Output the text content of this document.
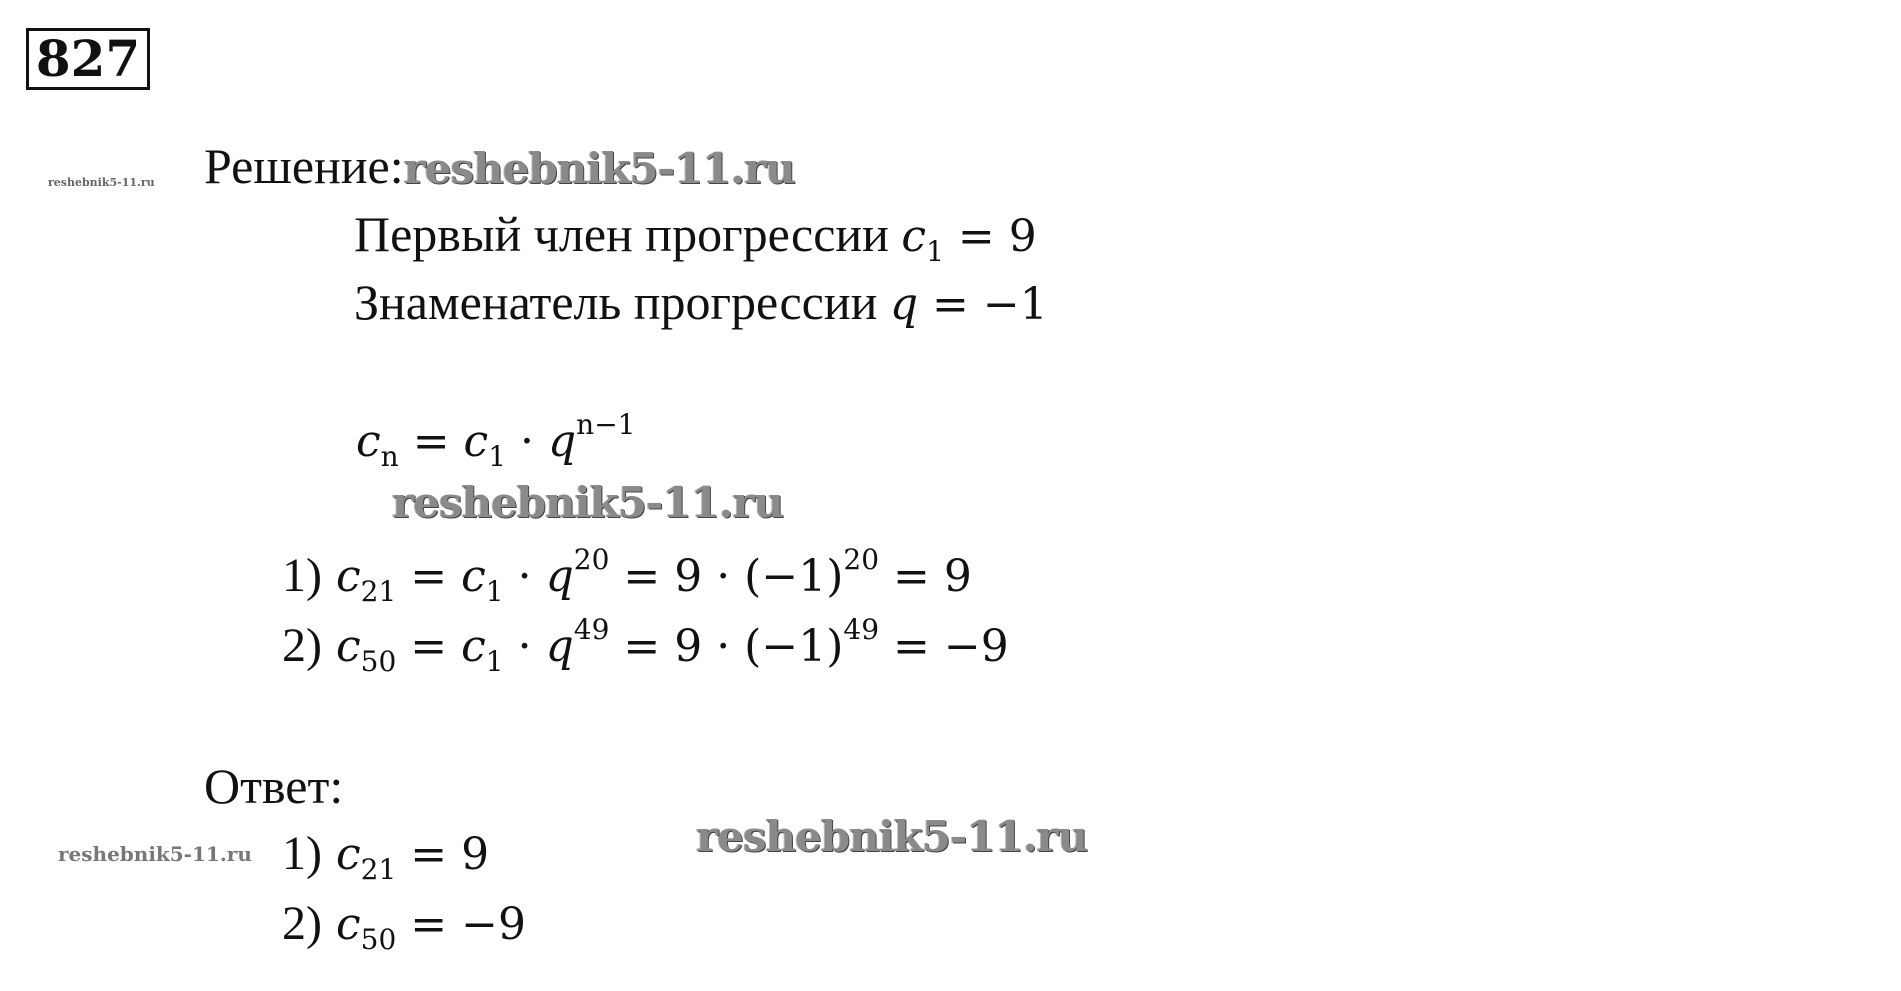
827
reshebnik5-11.ru Решение:reshebnik5-11.ru
Первый член прогрессии $c_1 = 9$
Знаменатель прогрессии q = −1
$c_n = c_1 \cdot q^{n-1}$
reshebnik5-11.ru
1) $c_{21} = c_1 \cdot q^{20} = 9 \cdot (-1)^{20} = 9$
2) $c_{50} = c_1 \cdot q^{49} = 9 \cdot (-1)^{49} = -9$
Ответ:
reshebnik5-11.ru 1) $c_{21} = 9$	reshebnik5-11.ru
2) $c_{50} = -9$
